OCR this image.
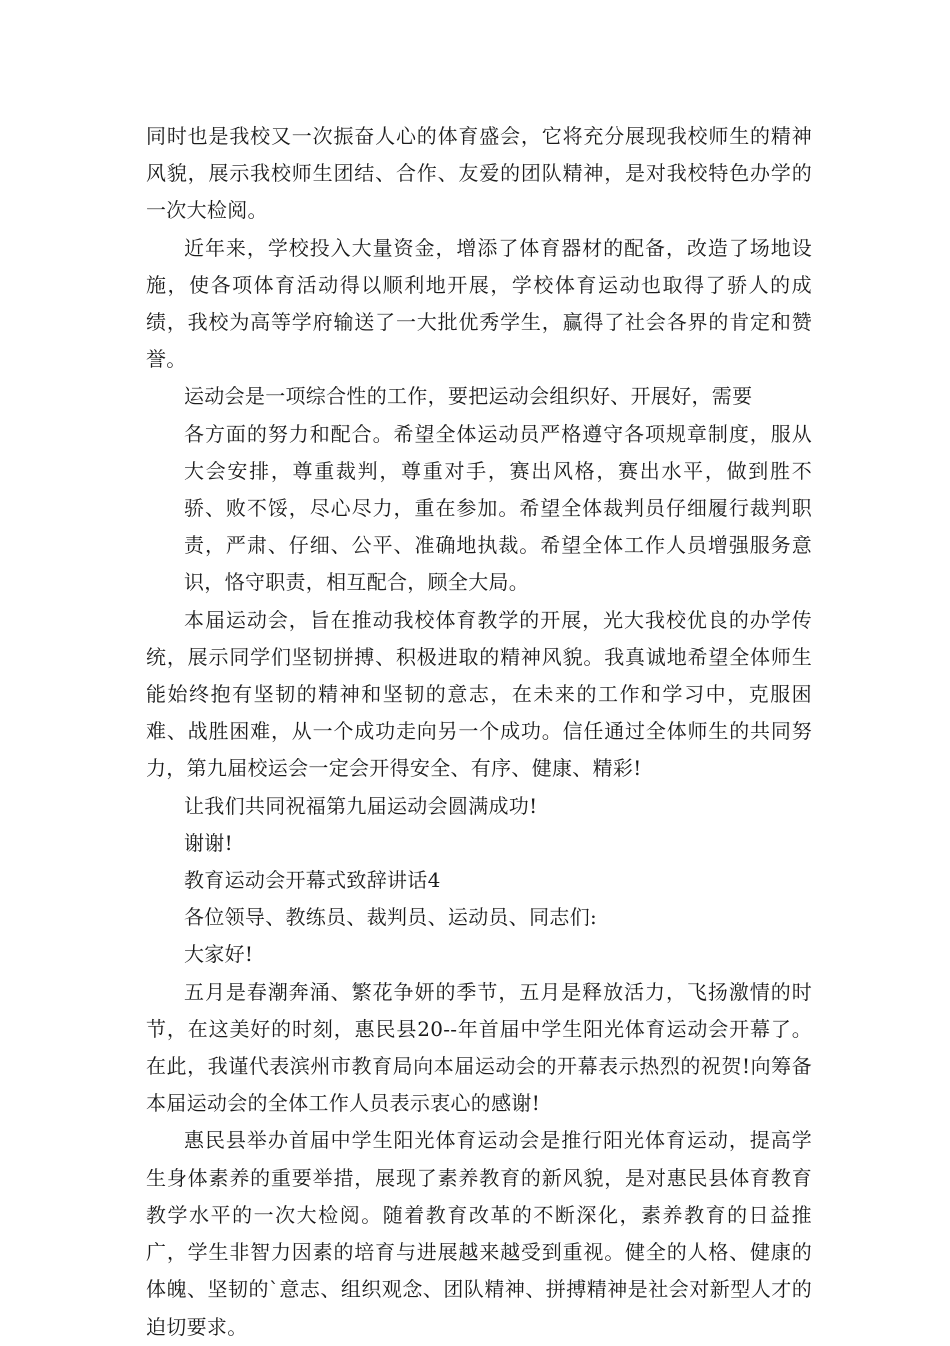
同时也是我校又一次振奋人心的体育盛会，它将充分展现我校师生的精神风貌，展示我校师生团结、合作、友爱的团队精神，是对我校特色办学的一次大检阅。

近年来，学校投入大量资金，增添了体育器材的配备，改造了场地设施，使各项体育活动得以顺利地开展，学校体育运动也取得了骄人的成绩，我校为高等学府输送了一大批优秀学生，赢得了社会各界的肯定和赞誉。

运动会是一项综合性的工作，要把运动会组织好、开展好，需要

各方面的努力和配合。希望全体运动员严格遵守各项规章制度，服从大会安排，尊重裁判，尊重对手，赛出风格，赛出水平，做到胜不骄、败不馁，尽心尽力，重在参加。希望全体裁判员仔细履行裁判职责，严肃、仔细、公平、准确地执裁。希望全体工作人员增强服务意识，恪守职责，相互配合，顾全大局。

本届运动会，旨在推动我校体育教学的开展，光大我校优良的办学传统，展示同学们坚韧拼搏、积极进取的精神风貌。我真诚地希望全体师生能始终抱有坚韧的精神和坚韧的意志，在未来的工作和学习中，克服困难、战胜困难，从一个成功走向另一个成功。信任通过全体师生的共同努力，第九届校运会一定会开得安全、有序、健康、精彩!

让我们共同祝福第九届运动会圆满成功!

谢谢!

教育运动会开幕式致辞讲话4

各位领导、教练员、裁判员、运动员、同志们:

大家好!

五月是春潮奔涌、繁花争妍的季节，五月是释放活力，飞扬激情的时节，在这美好的时刻，惠民县20--年首届中学生阳光体育运动会开幕了。在此，我谨代表滨州市教育局向本届运动会的开幕表示热烈的祝贺!向筹备本届运动会的全体工作人员表示衷心的感谢!

惠民县举办首届中学生阳光体育运动会是推行阳光体育运动，提高学生身体素养的重要举措，展现了素养教育的新风貌，是对惠民县体育教育教学水平的一次大检阅。随着教育改革的不断深化，素养教育的日益推广，学生非智力因素的培育与进展越来越受到重视。健全的人格、健康的体魄、坚韧的`意志、组织观念、团队精神、拼搏精神是社会对新型人才的迫切要求。
